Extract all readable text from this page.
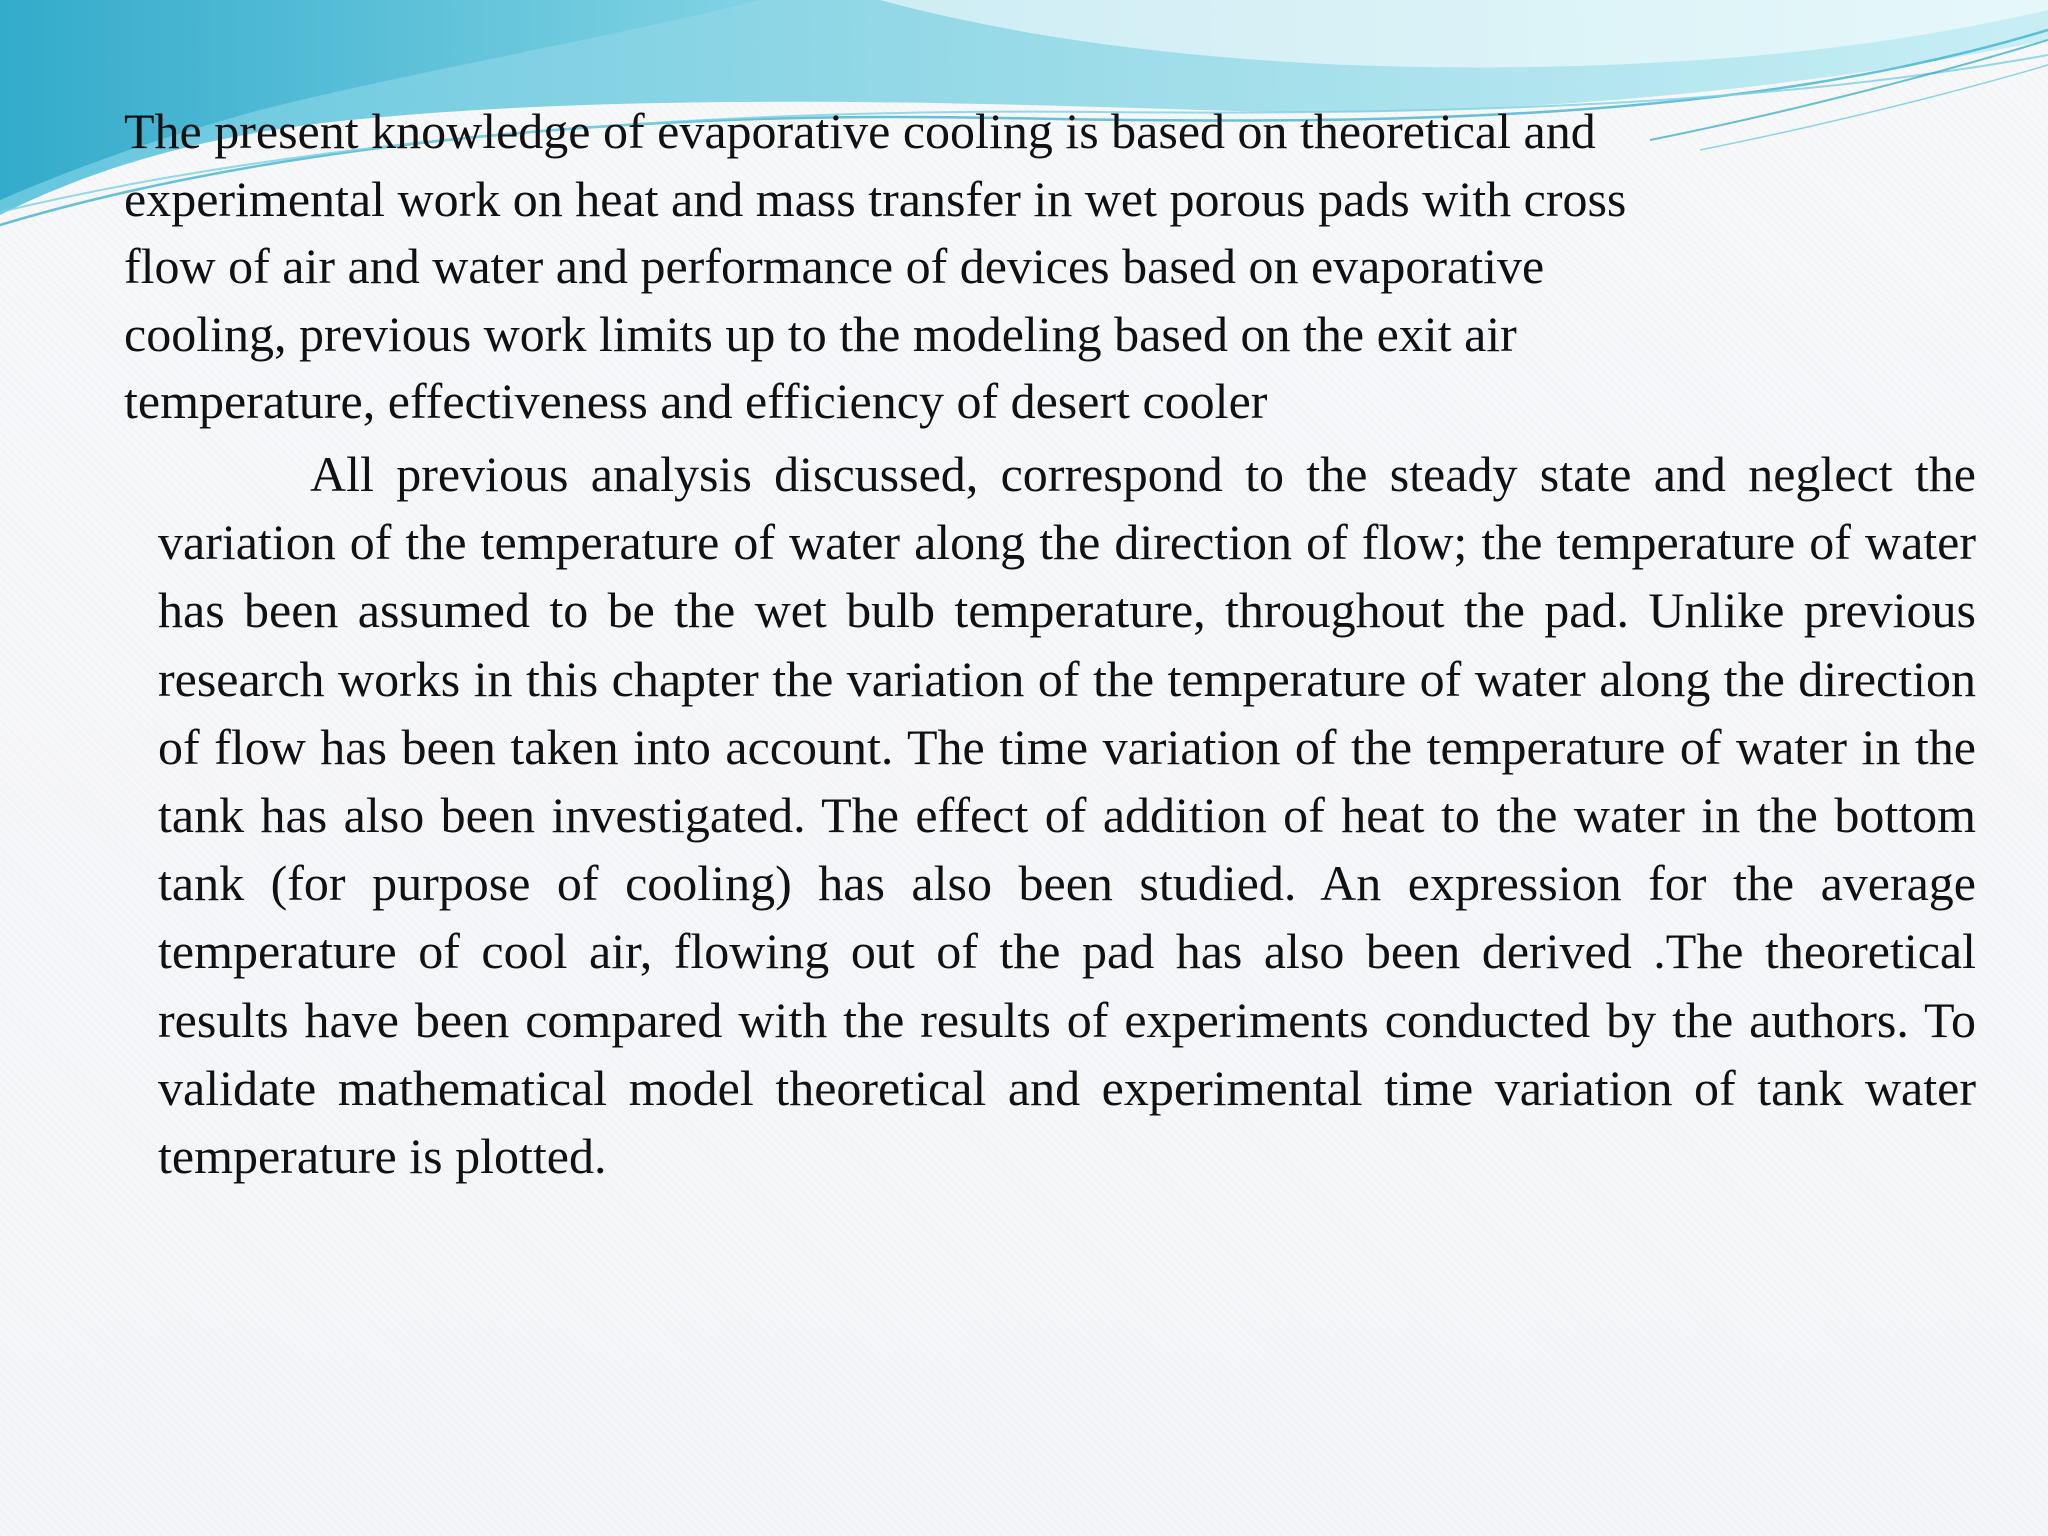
The present knowledge of evaporative cooling is based on theoretical and
experimental work on heat and mass transfer in wet porous pads with cross
flow of air and water and performance of devices based on evaporative
cooling, previous work limits up to the modeling based on the exit air
temperature, effectiveness and efficiency of desert cooler

All previous analysis discussed, correspond to the steady state and neglect the variation of the temperature of water along the direction of flow; the temperature of water has been assumed to be the wet bulb temperature, throughout the pad. Unlike previous research works in this chapter the variation of the temperature of water along the direction of flow has been taken into account. The time variation of the temperature of water in the tank has also been investigated. The effect of addition of heat to the water in the bottom tank (for purpose of cooling) has also been studied. An expression for the average temperature of cool air, flowing out of the pad has also been derived .The theoretical results have been compared with the results of experiments conducted by the authors. To validate mathematical model theoretical and experimental time variation of tank water temperature is plotted.
